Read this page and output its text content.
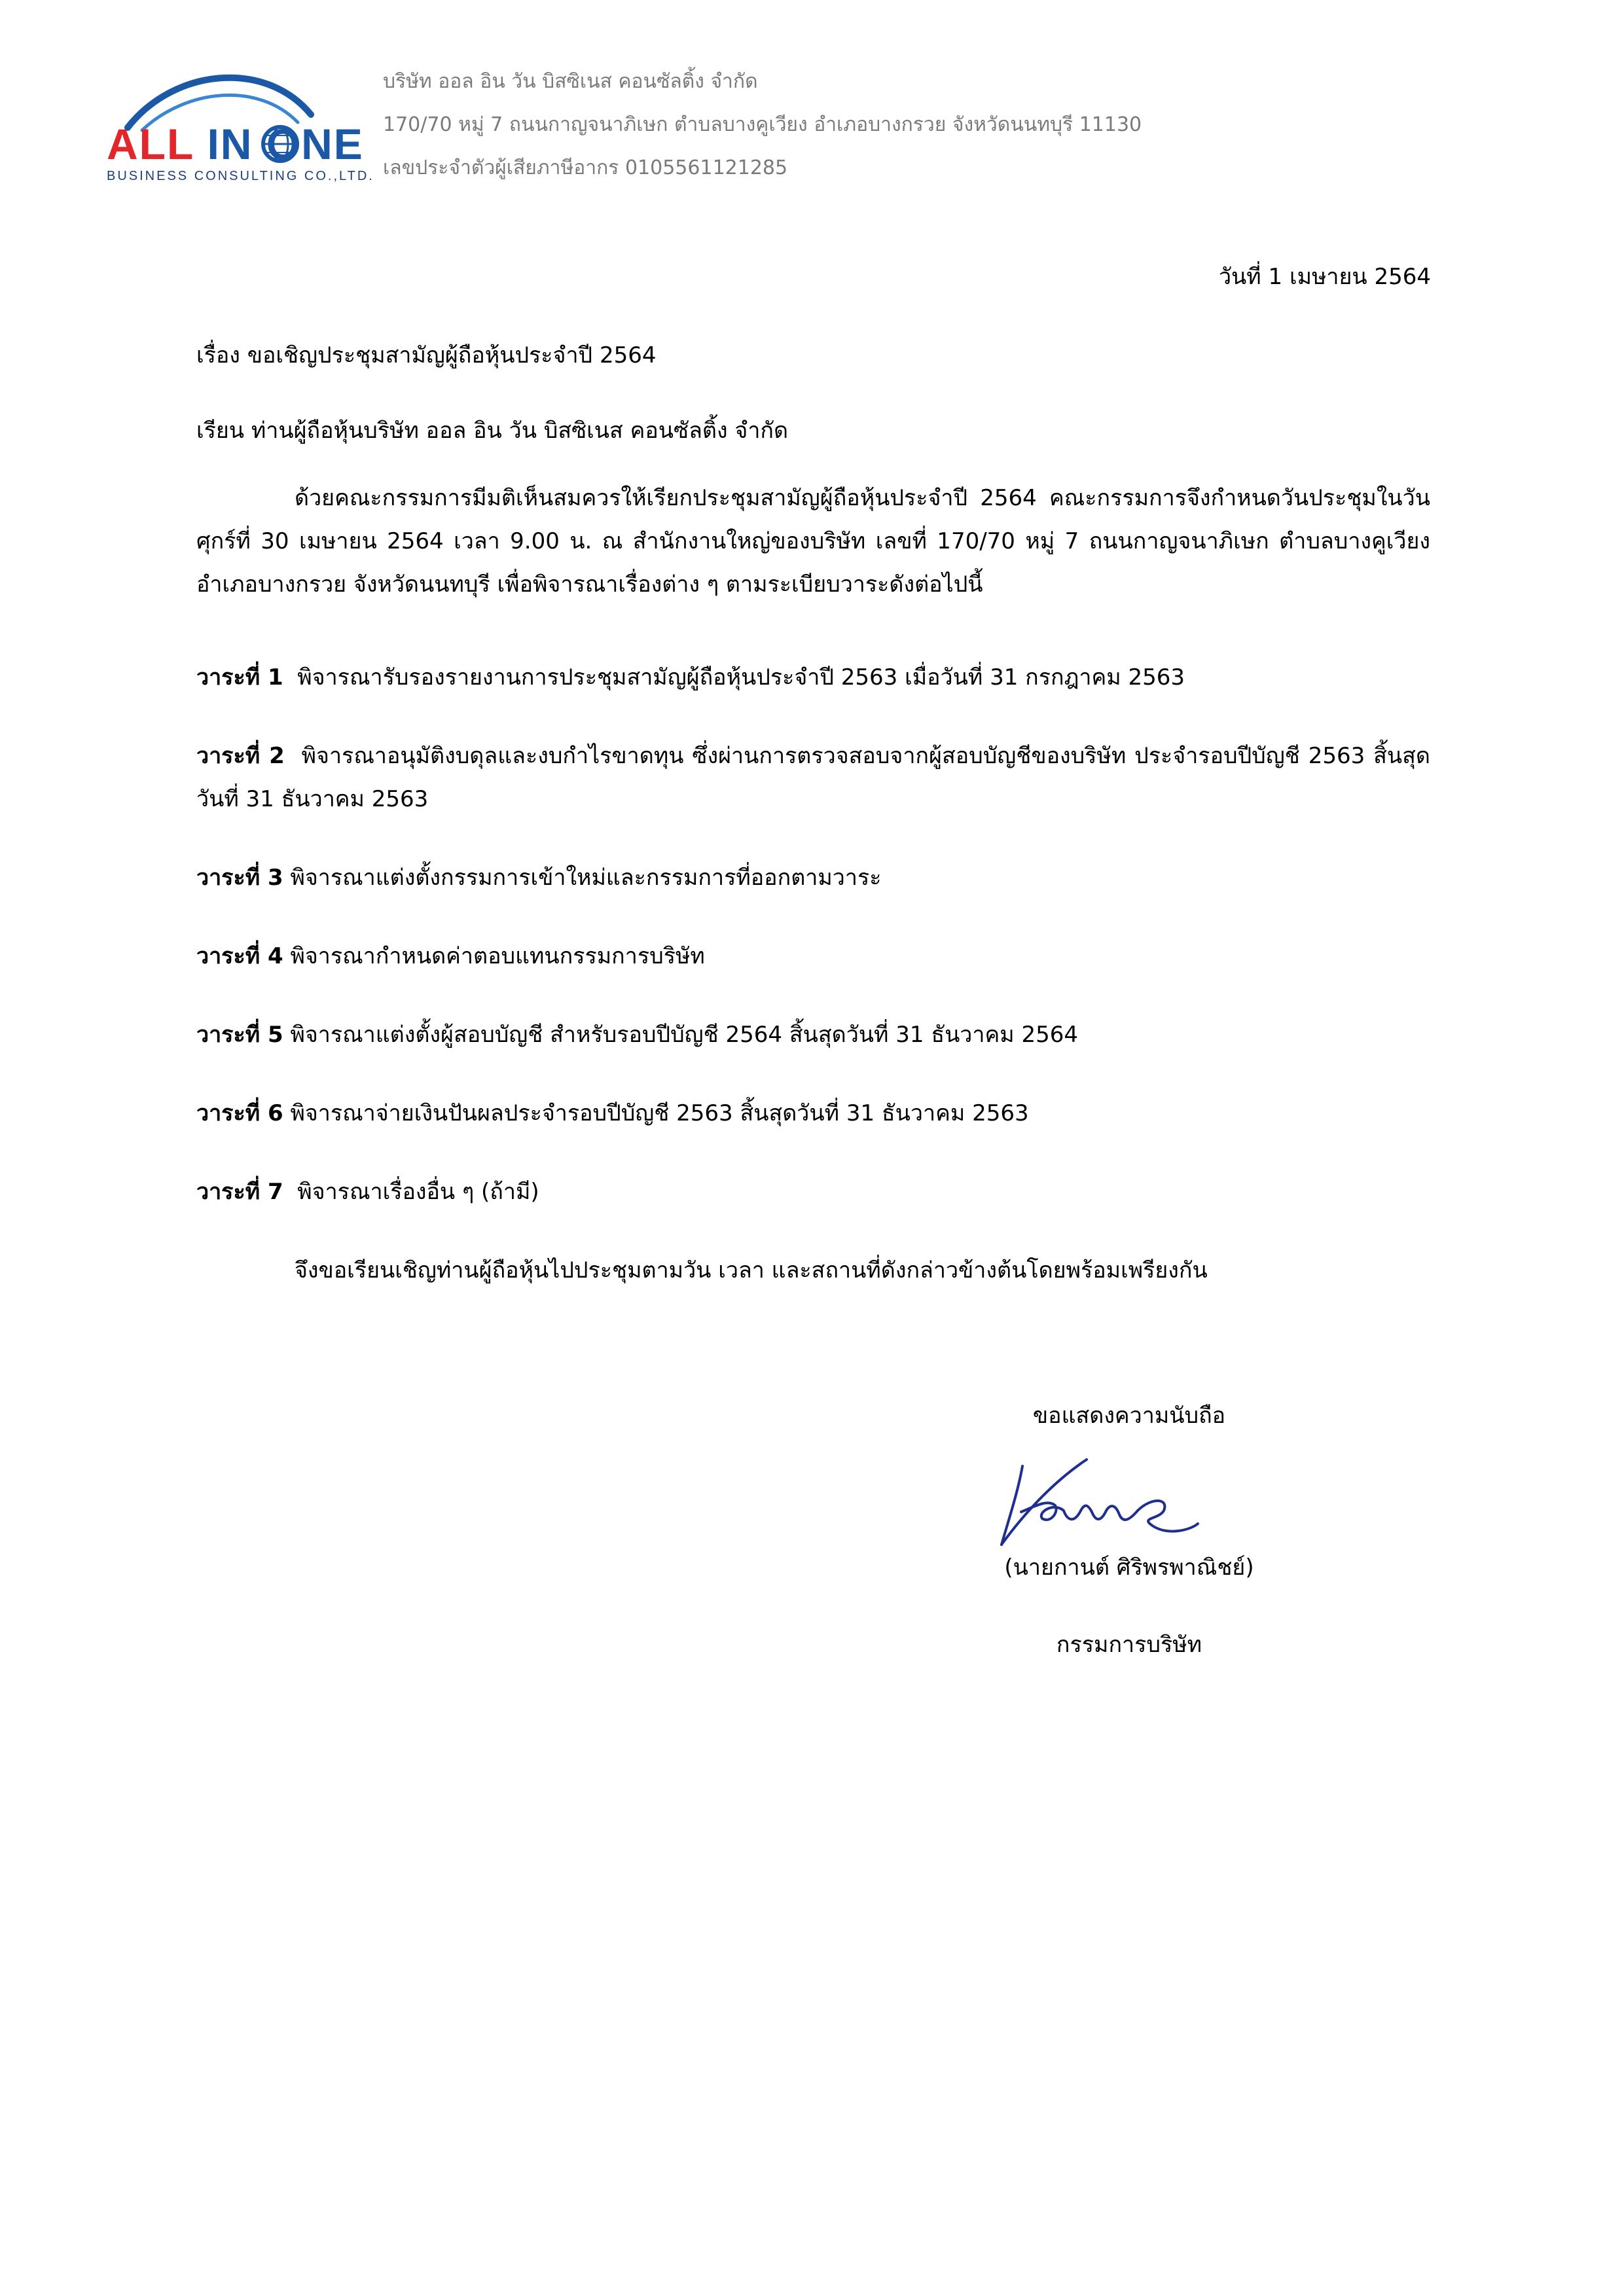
ALL IN ONE
BUSINESS CONSULTING CO.,LTD.
บริษัท ออล อิน วัน บิสซิเนส คอนซัลติ้ง จำกัด
170/70 หมู่ 7 ถนนกาญจนาภิเษก ตำบลบางคูเวียง อำเภอบางกรวย จังหวัดนนทบุรี 11130
เลขประจำตัวผู้เสียภาษีอากร 0105561121285
วันที่ 1 เมษายน 2564
เรื่อง ขอเชิญประชุมสามัญผู้ถือหุ้นประจำปี 2564
เรียน ท่านผู้ถือหุ้นบริษัท ออล อิน วัน บิสซิเนส คอนซัลติ้ง จำกัด
ด้วยคณะกรรมการมีมติเห็นสมควรให้เรียกประชุมสามัญผู้ถือหุ้นประจำปี 2564 คณะกรรมการจึงกำหนดวันประชุมในวันศุกร์ที่ 30 เมษายน 2564 เวลา 9.00 น. ณ สำนักงานใหญ่ของบริษัท เลขที่ 170/70 หมู่ 7 ถนนกาญจนาภิเษก ตำบลบางคูเวียง อำเภอบางกรวย จังหวัดนนทบุรี เพื่อพิจารณาเรื่องต่าง ๆ ตามระเบียบวาระดังต่อไปนี้
วาระที่ 1 พิจารณารับรองรายงานการประชุมสามัญผู้ถือหุ้นประจำปี 2563 เมื่อวันที่ 31 กรกฎาคม 2563
วาระที่ 2 พิจารณาอนุมัติงบดุลและงบกำไรขาดทุน ซึ่งผ่านการตรวจสอบจากผู้สอบบัญชีของบริษัท ประจำรอบปีบัญชี 2563 สิ้นสุดวันที่ 31 ธันวาคม 2563
วาระที่ 3 พิจารณาแต่งตั้งกรรมการเข้าใหม่และกรรมการที่ออกตามวาระ
วาระที่ 4 พิจารณากำหนดค่าตอบแทนกรรมการบริษัท
วาระที่ 5 พิจารณาแต่งตั้งผู้สอบบัญชี สำหรับรอบปีบัญชี 2564 สิ้นสุดวันที่ 31 ธันวาคม 2564
วาระที่ 6 พิจารณาจ่ายเงินปันผลประจำรอบปีบัญชี 2563 สิ้นสุดวันที่ 31 ธันวาคม 2563
วาระที่ 7 พิจารณาเรื่องอื่น ๆ (ถ้ามี)
จึงขอเรียนเชิญท่านผู้ถือหุ้นไปประชุมตามวัน เวลา และสถานที่ดังกล่าวข้างต้นโดยพร้อมเพรียงกัน
ขอแสดงความนับถือ
(นายกานต์ ศิริพรพาณิชย์)
กรรมการบริษัท
